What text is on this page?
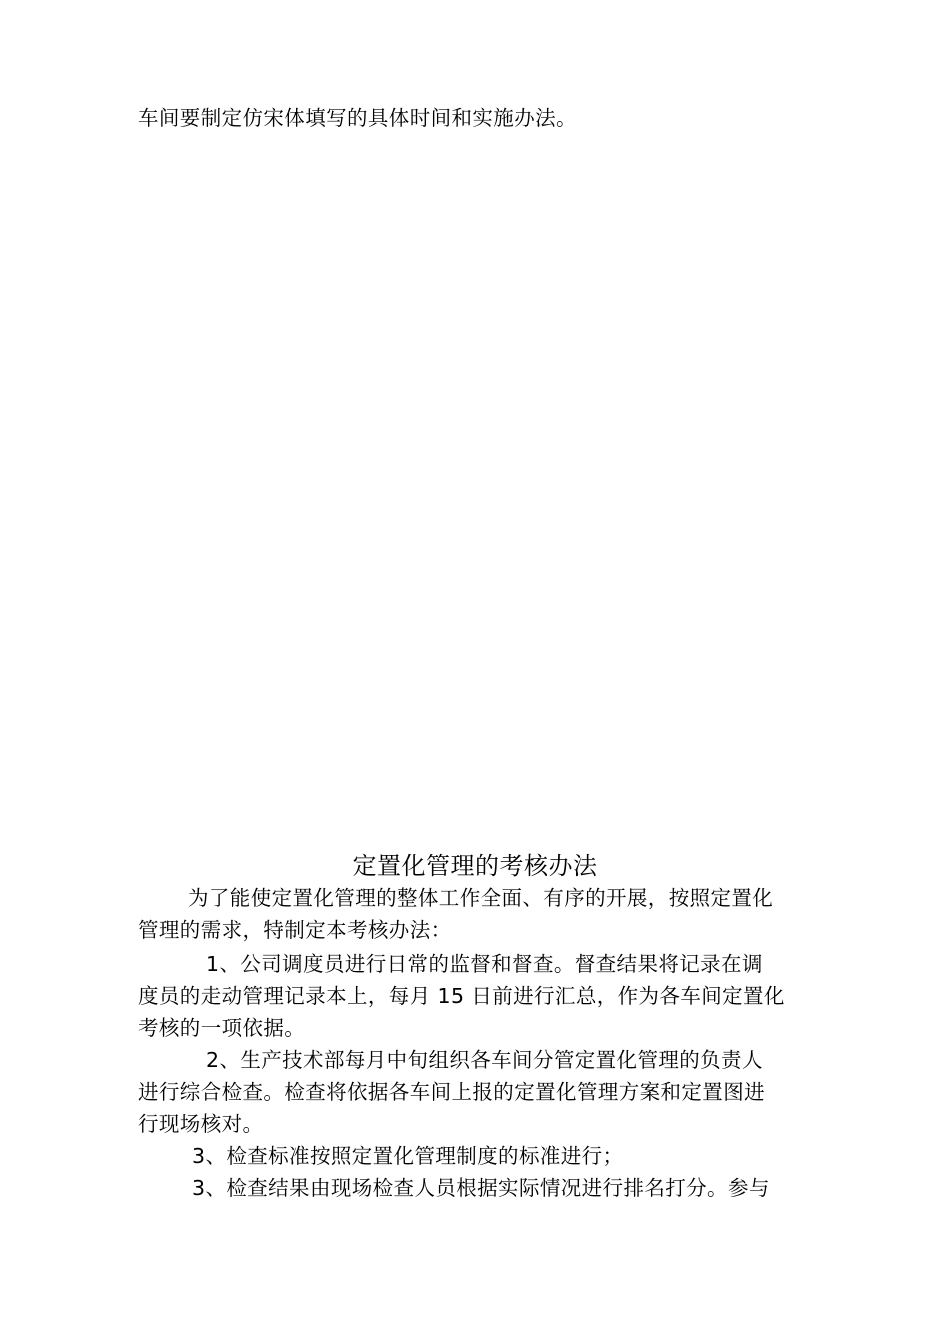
车间要制定仿宋体填写的具体时间和实施办法。
定置化管理的考核办法
为了能使定置化管理的整体工作全面、有序的开展，按照定置化
管理的需求，特制定本考核办法：
1、公司调度员进行日常的监督和督查。督查结果将记录在调
度员的走动管理记录本上，每月 15 日前进行汇总，作为各车间定置化
考核的一项依据。
2、生产技术部每月中旬组织各车间分管定置化管理的负责人
进行综合检查。检查将依据各车间上报的定置化管理方案和定置图进
行现场核对。
3、检查标准按照定置化管理制度的标准进行；
3、检查结果由现场检查人员根据实际情况进行排名打分。参与
